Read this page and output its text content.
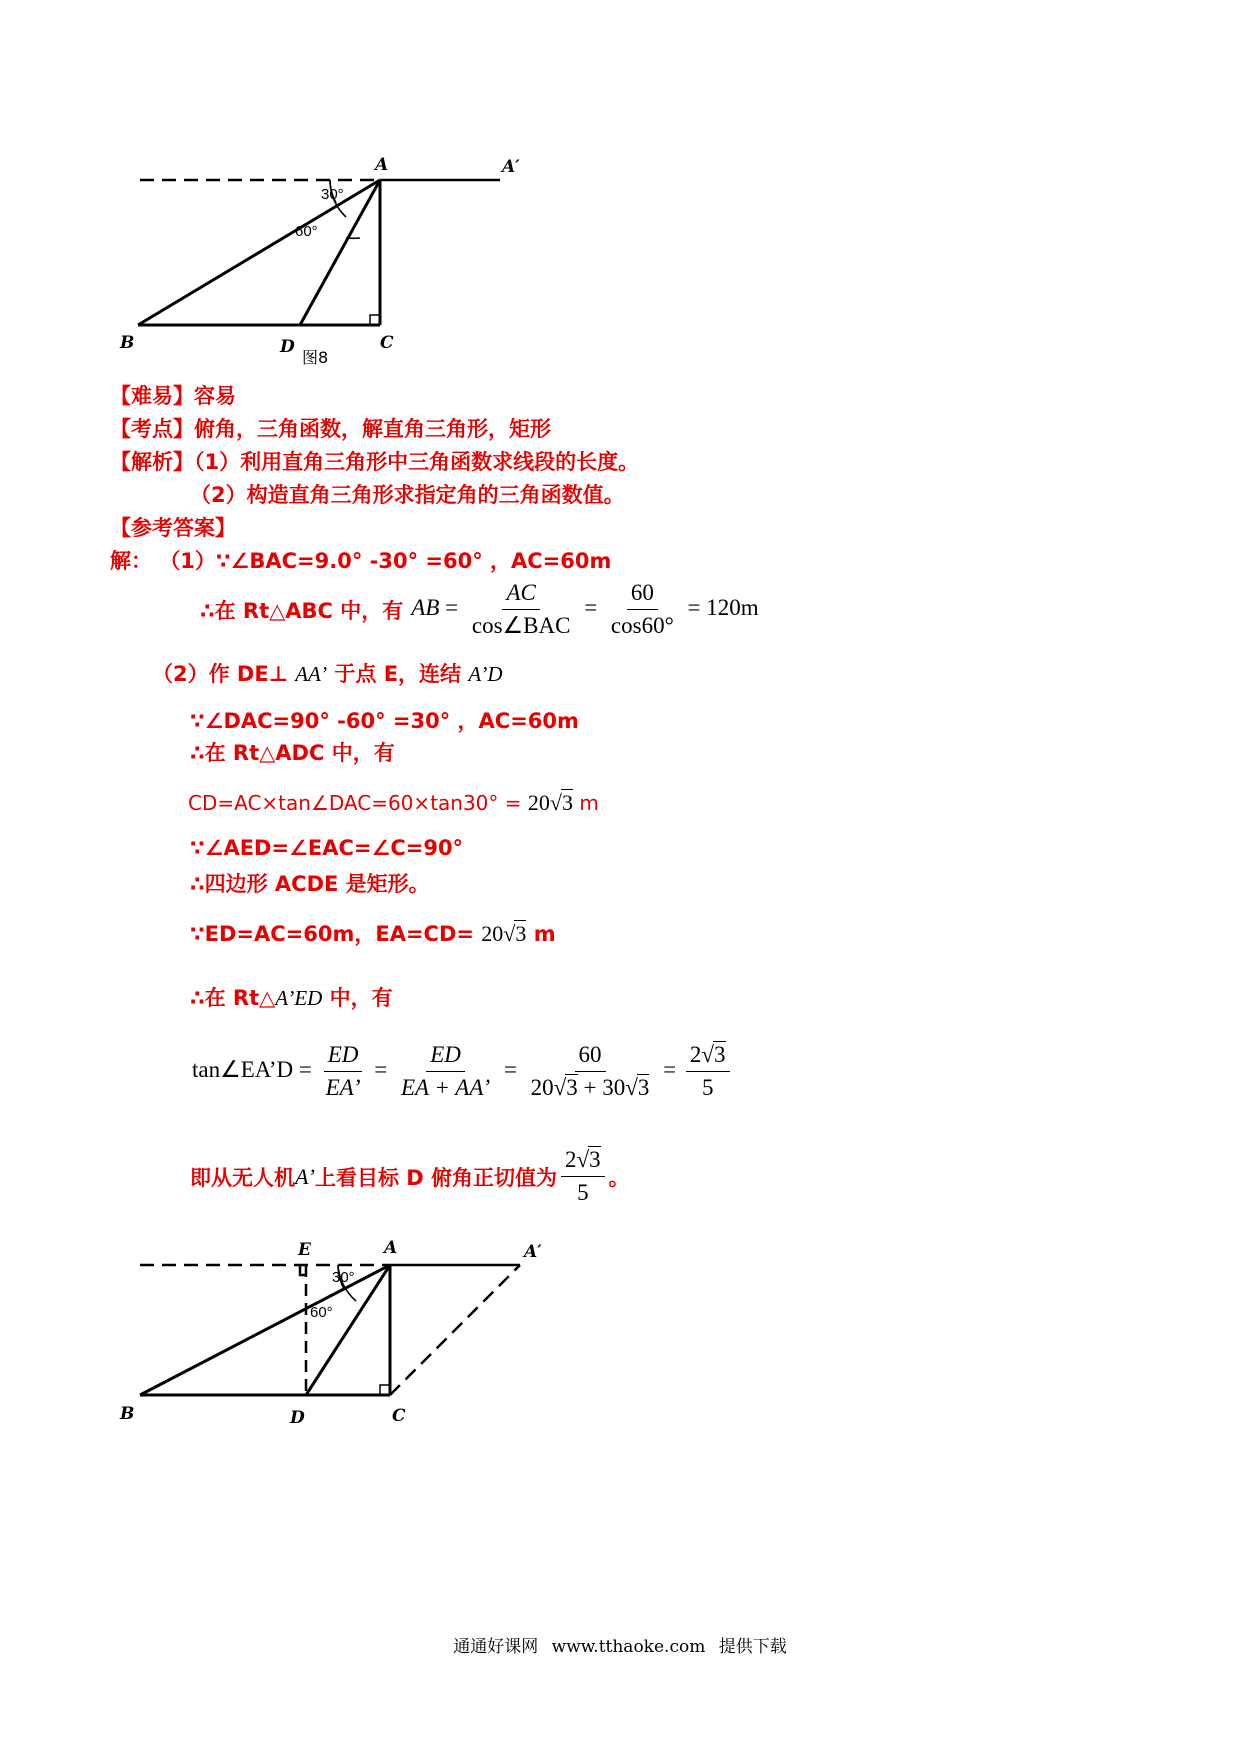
30°
60°
A	A′
B	D	C
图8
【难易】容易
【考点】俯角，三角函数，解直角三角形，矩形
【解析】（1）利用直角三角形中三角函数求线段的长度。
（2）构造直角三角形求指定角的三角函数值。
【参考答案】
解： （1）∵∠BAC=9.0° -30° =60° ，AC=60m
∴在 Rt△ABC 中，有 AB = $\frac{AC}{\text{cos∠BAC}} = \frac{60}{\cos 60^\circ} = 120m$
（2）作 DE⊥ AA’ 于点 E，连结 A’D
∵∠DAC=90° -60° =30° ，AC=60m
∴在 Rt△ADC 中，有
CD=AC×tan∠DAC=60×tan30° = 20√3 m
∵∠AED=∠EAC=∠C=90°
∴四边形 ACDE 是矩形。
∵ED=AC=60m，EA=CD= 20√3 m
∴在 Rt△A’ED 中，有
tan∠EA’D = $\frac{ED}{EA’} = \frac{ED}{EA + AA’} = \frac{60}{20√3 + 30√3} = \frac{2√3}{5}$
即从无人机 A’ 上看目标 D 俯角正切值为 $\frac{2√3}{5}$ 。
30°
60°
E	A	A′
B	D	C
通通好课网 www.tthaoke.com 提供下载
